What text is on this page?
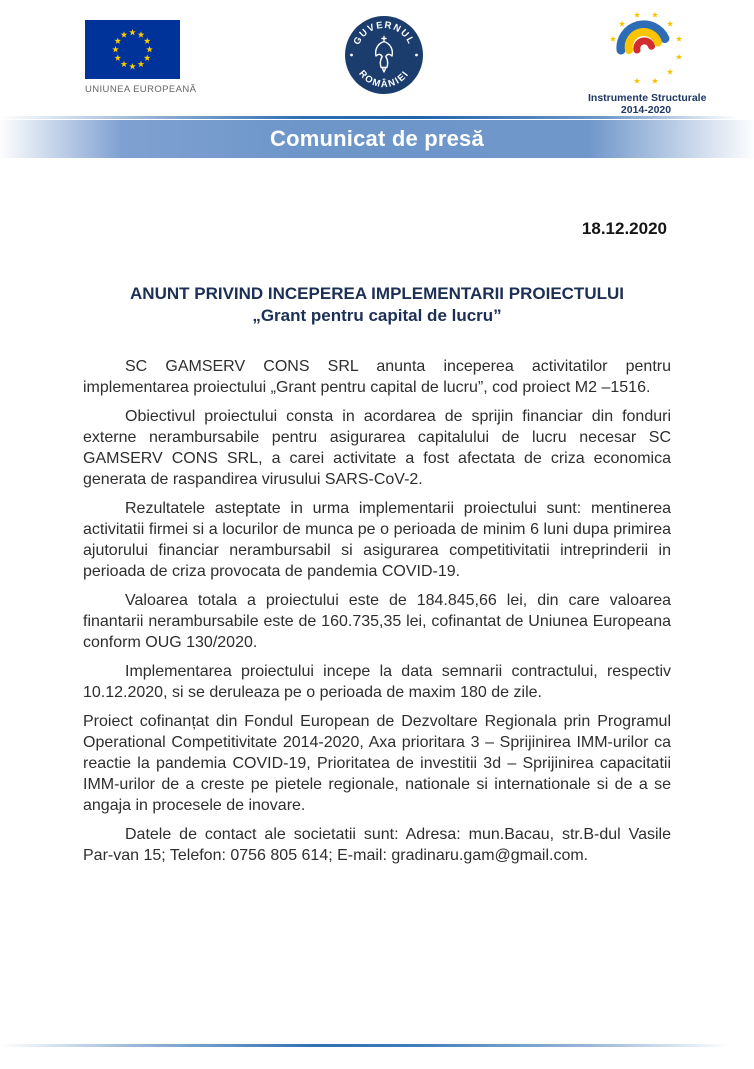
UNIUNEA EUROPEANĂ
GUVERNUL
ROMÂNIEI
Instrumente Structurale
2014-2020
Comunicat de presă
18.12.2020
ANUNT PRIVIND INCEPEREA IMPLEMENTARII PROIECTULUI
„Grant pentru capital de lucru”

SC GAMSERV CONS SRL anunta inceperea activitatilor pentru implementarea proiectului „Grant pentru capital de lucru”, cod proiect M2 –1516.

Obiectivul proiectului consta in acordarea de sprijin financiar din fonduri externe nerambursabile pentru asigurarea capitalului de lucru necesar SC GAMSERV CONS SRL, a carei activitate a fost afectata de criza economica generata de raspandirea virusului SARS-CoV-2.

Rezultatele asteptate in urma implementarii proiectului sunt: mentinerea activitatii firmei si a locurilor de munca pe o perioada de minim 6 luni dupa primirea ajutorului financiar nerambursabil si asigurarea competitivitatii intreprinderii in perioada de criza provocata de pandemia COVID-19.

Valoarea totala a proiectului este de 184.845,66 lei, din care valoarea finantarii nerambursabile este de 160.735,35 lei, cofinantat de Uniunea Europeana conform OUG 130/2020.

Implementarea proiectului incepe la data semnarii contractului, respectiv 10.12.2020, si se deruleaza pe o perioada de maxim 180 de zile.

Proiect cofinanțat din Fondul European de Dezvoltare Regionala prin Programul Operational Competitivitate 2014-2020, Axa prioritara 3 – Sprijinirea IMM-urilor ca reactie la pandemia COVID-19, Prioritatea de investitii 3d – Sprijinirea capacitatii IMM-urilor de a creste pe pietele regionale, nationale si internationale si de a se angaja in procesele de inovare.

Datele de contact ale societatii sunt: Adresa: mun.Bacau, str.B-dul Vasile Par-van 15; Telefon: 0756 805 614; E-mail: gradinaru.gam@gmail.com.
